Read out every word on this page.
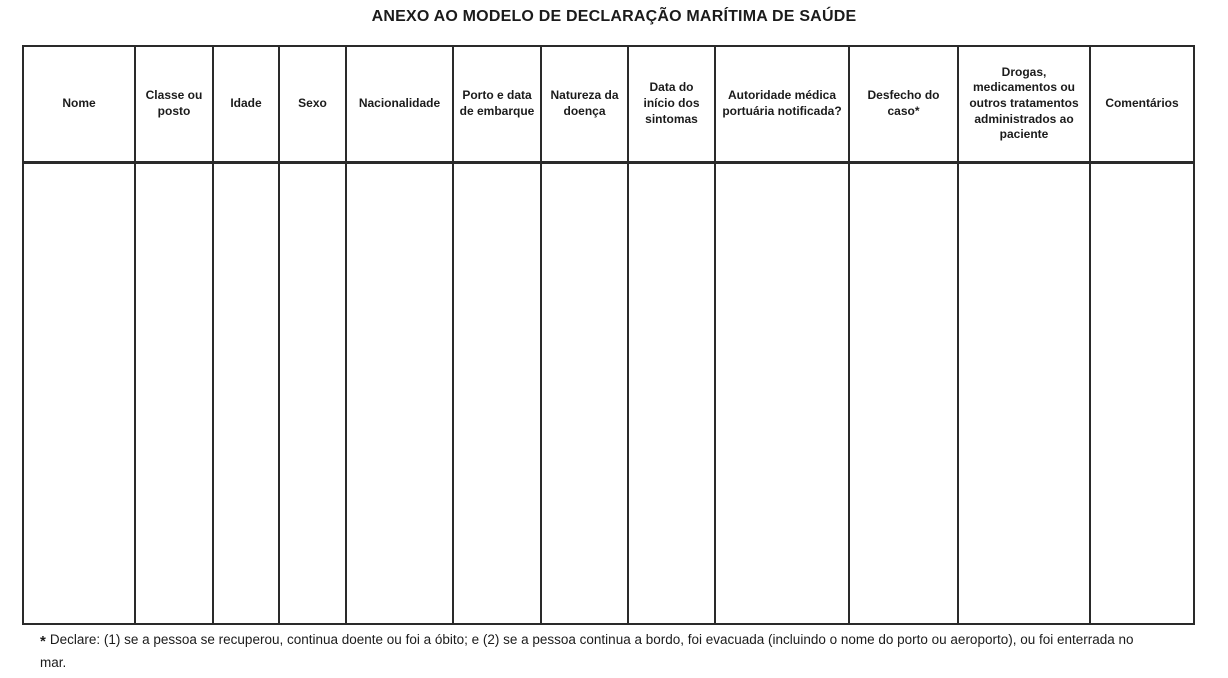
ANEXO AO MODELO DE DECLARAÇÃO MARÍTIMA DE SAÚDE
Nome	Classe ou posto	Idade	Sexo	Nacionalidade	Porto e data de embarque	Natureza da doença	Data do início dos sintomas	Autoridade médica portuária notificada?	Desfecho do caso*	Drogas, medicamentos ou outros tratamentos administrados ao paciente	Comentários

* Declare: (1) se a pessoa se recuperou, continua doente ou foi a óbito; e (2) se a pessoa continua a bordo, foi evacuada (incluindo o nome do porto ou aeroporto), ou foi enterrada no mar.
